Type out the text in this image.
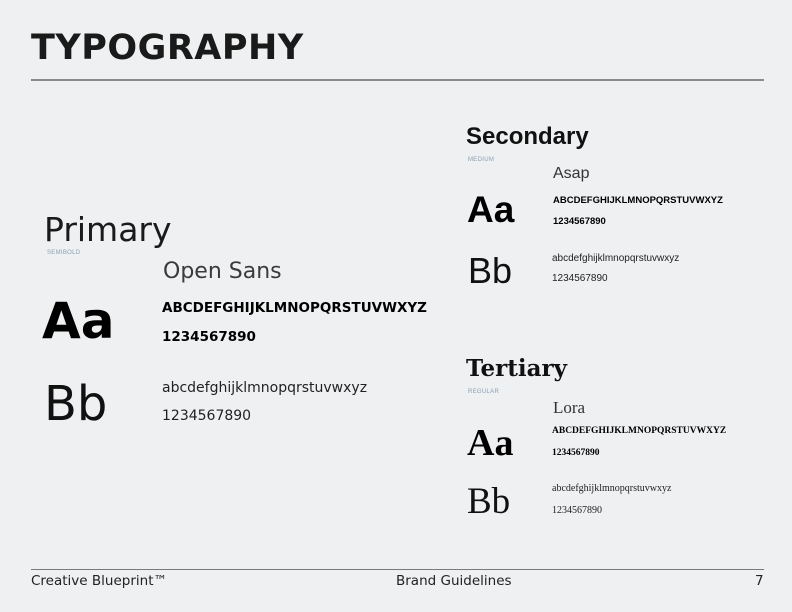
TYPOGRAPHY
Primary
SEMIBOLD
Open Sans
Aa	ABCDEFGHIJKLMNOPQRSTUVWXYZ
1234567890
Bb	abcdefghijklmnopqrstuvwxyz
1234567890
Secondary
MEDIUM
Asap
Aa	ABCDEFGHIJKLMNOPQRSTUVWXYZ
1234567890
Bb	abcdefghijklmnopqrstuvwxyz
1234567890
Tertiary
REGULAR
Lora
Aa	ABCDEFGHIJKLMNOPQRSTUVWXYZ
1234567890
Bb	abcdefghijklmnopqrstuvwxyz
1234567890
Creative Blueprint™	Brand Guidelines	7
